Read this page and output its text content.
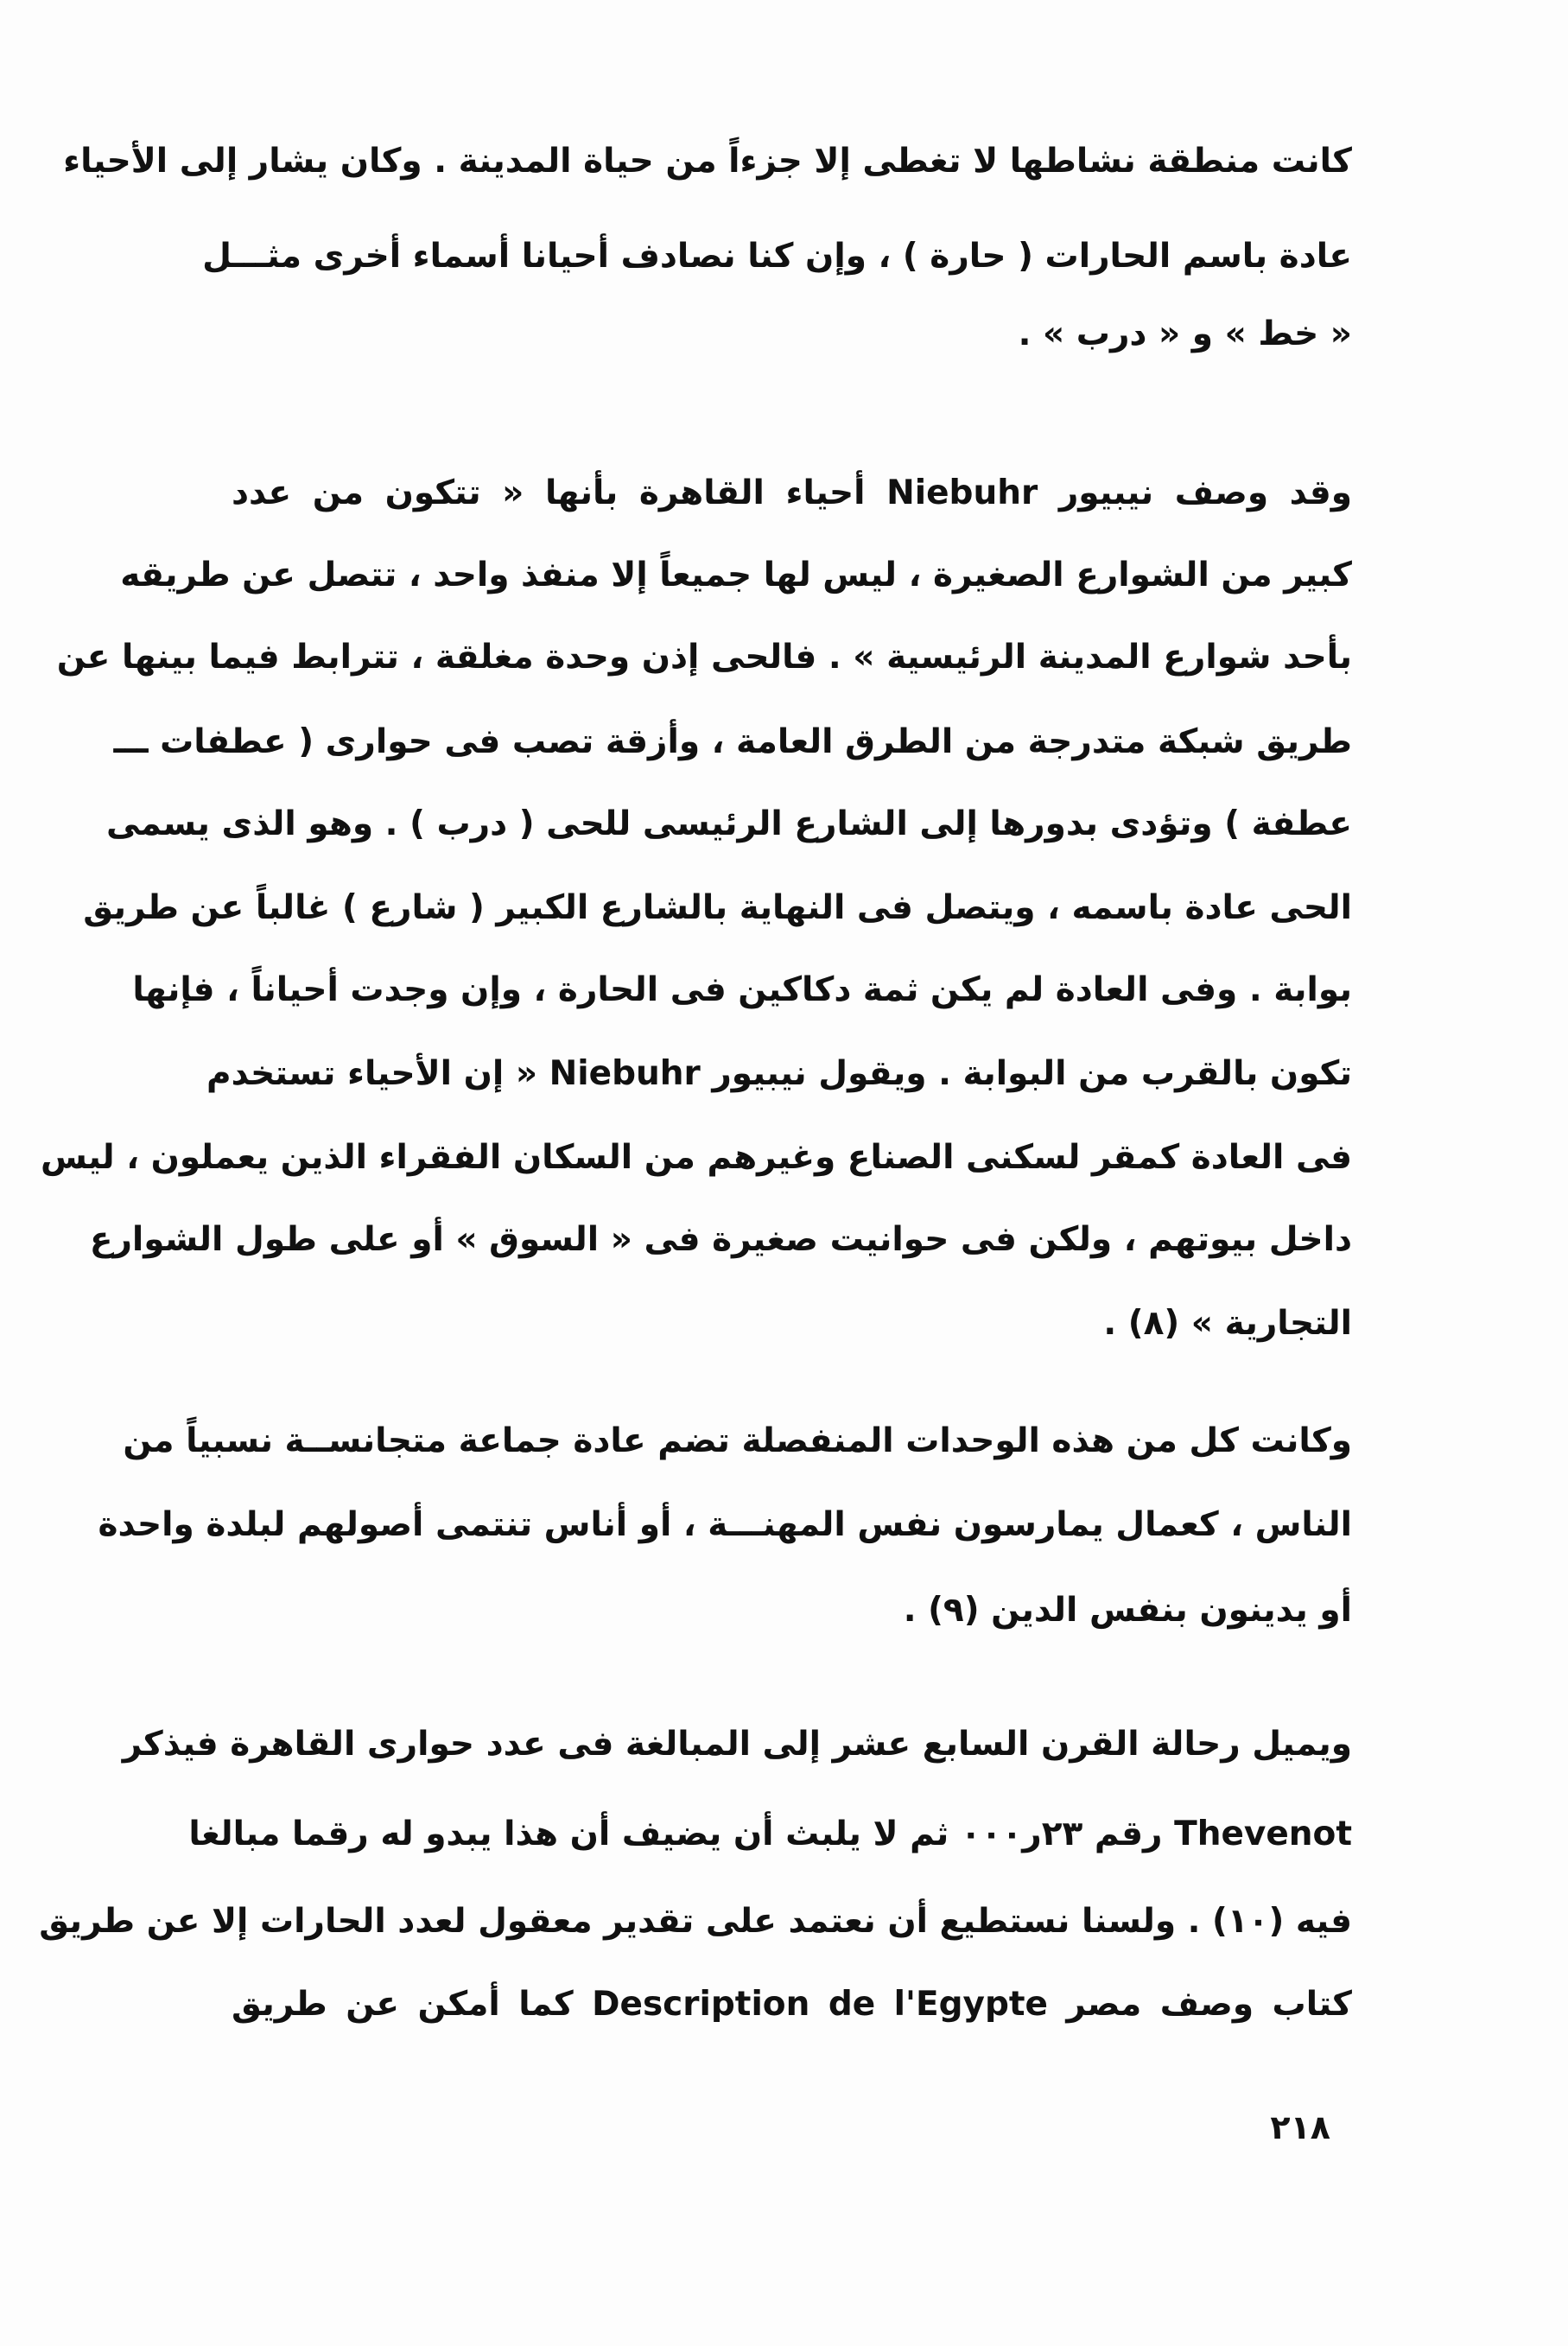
كانت منطقة نشاطها لا تغطى إلا جزءاً من حياة المدينة . وكان يشار إلى الأحياء
عادة باسم الحارات ( حارة ) ، وإن كنا نصادف أحيانا أسماء أخرى مثـــل
« خط » و « درب » .
وقد وصف نيبيور Niebuhr أحياء القاهرة بأنها « تتكون من عدد
كبير من الشوارع الصغيرة ، ليس لها جميعاً إلا منفذ واحد ، تتصل عن طريقه
بأحد شوارع المدينة الرئيسية » . فالحى إذن وحدة مغلقة ، تترابط فيما بينها عن
طريق شبكة متدرجة من الطرق العامة ، وأزقة تصب فى حوارى ( عطفات ـــ
عطفة ) وتؤدى بدورها إلى الشارع الرئيسى للحى ( درب ) . وهو الذى يسمى
الحى عادة باسمه ، ويتصل فى النهاية بالشارع الكبير ( شارع ) غالباً عن طريق
بوابة . وفى العادة لم يكن ثمة دكاكين فى الحارة ، وإن وجدت أحياناً ، فإنها
تكون بالقرب من البوابة . ويقول نيبيور Niebuhr « إن الأحياء تستخدم
فى العادة كمقر لسكنى الصناع وغيرهم من السكان الفقراء الذين يعملون ، ليس
داخل بيوتهم ، ولكن فى حوانيت صغيرة فى « السوق » أو على طول الشوارع
التجارية » (٨) .
وكانت كل من هذه الوحدات المنفصلة تضم عادة جماعة متجانســة نسبياً من
الناس ، كعمال يمارسون نفس المهنـــة ، أو أناس تنتمى أصولهم لبلدة واحدة
أو يدينون بنفس الدين (٩) .
ويميل رحالة القرن السابع عشر إلى المبالغة فى عدد حوارى القاهرة فيذكر
Thevenot رقم ٢٣ر٠٠٠ ثم لا يلبث أن يضيف أن هذا يبدو له رقما مبالغا
فيه (١٠) . ولسنا نستطيع أن نعتمد على تقدير معقول لعدد الحارات إلا عن طريق
كتاب وصف مصر Description de l'Egypte كما أمكن عن طريق
٢١٨
